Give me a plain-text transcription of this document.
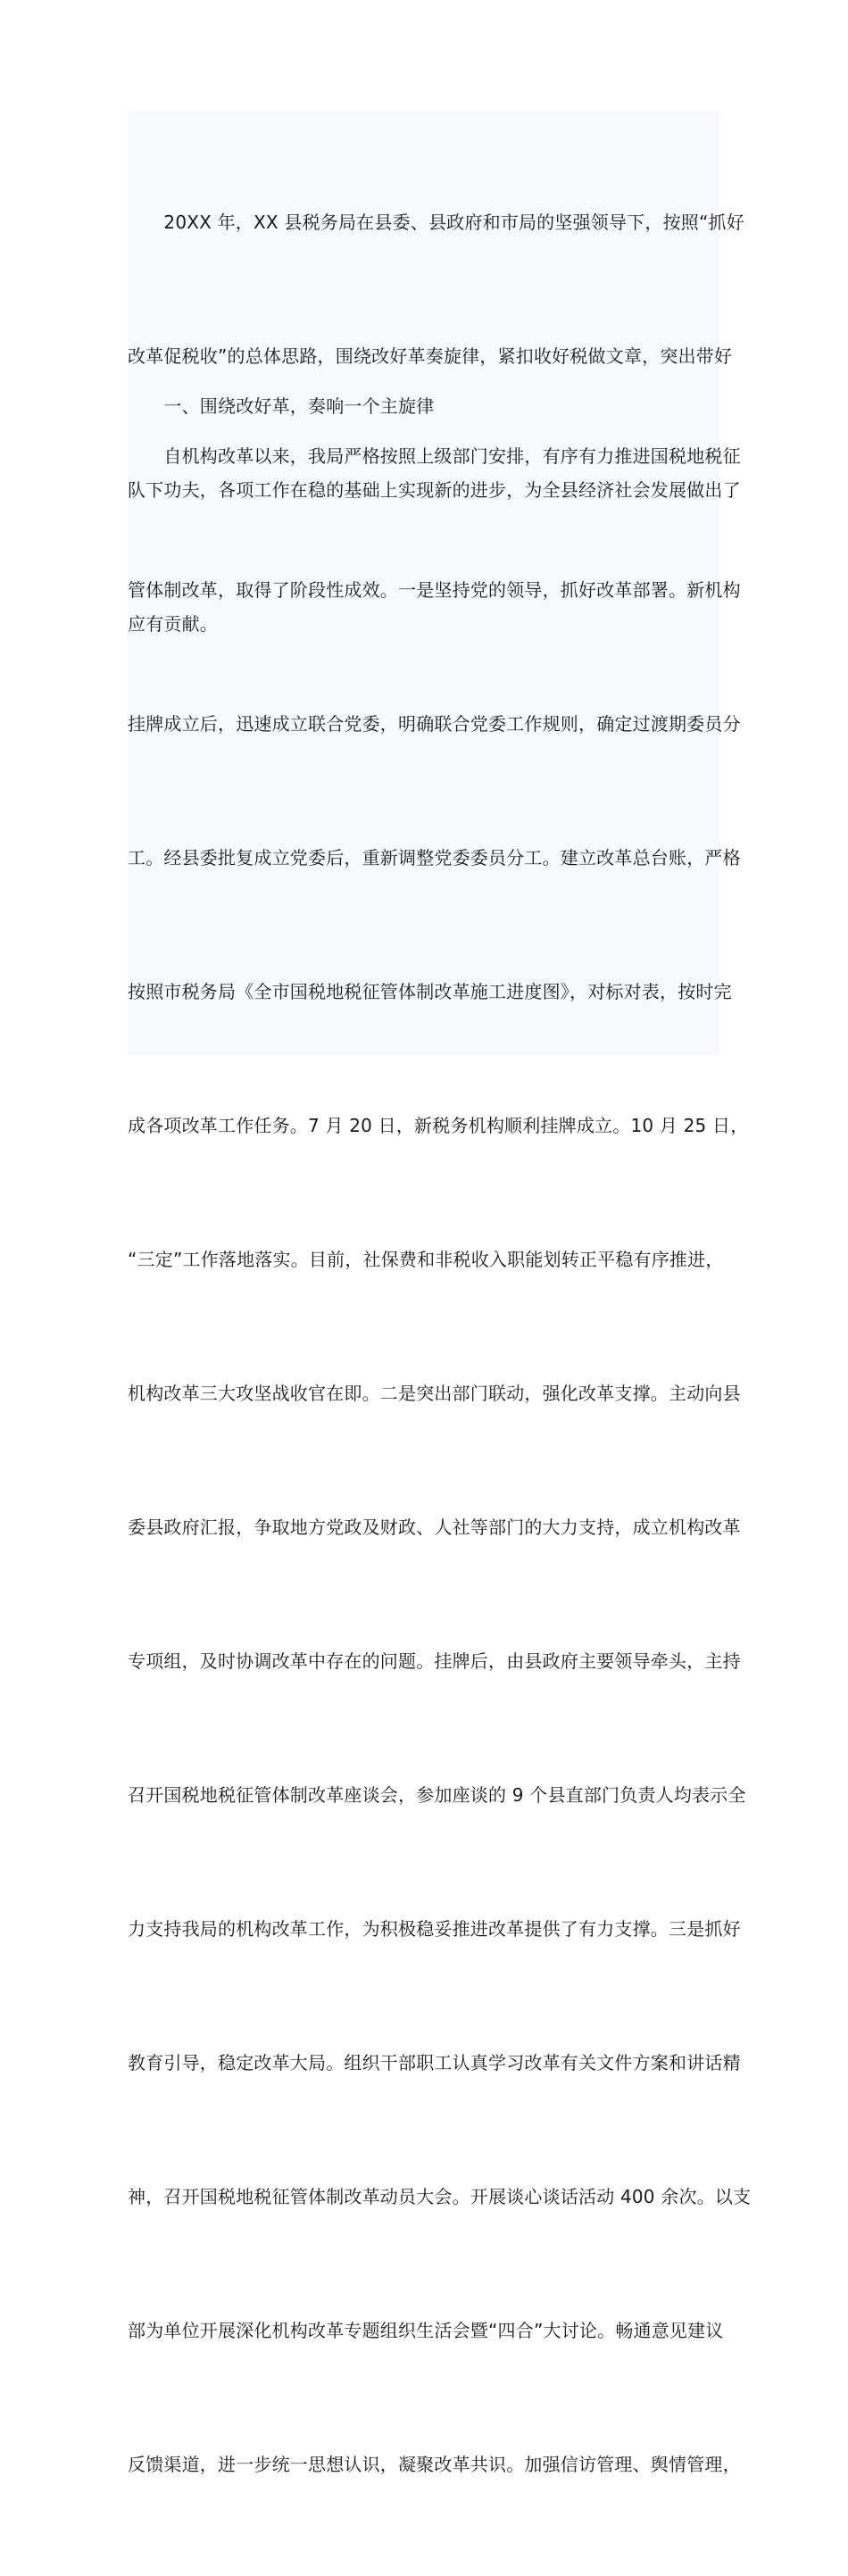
　　20XX 年，XX 县税务局在县委、县政府和市局的坚强领导下，按照“抓好

改革促税收”的总体思路，围绕改好革奏旋律，紧扣收好税做文章，突出带好

队下功夫，各项工作在稳的基础上实现新的进步，为全县经济社会发展做出了

应有贡献。

　　一、围绕改好革，奏响一个主旋律

　　自机构改革以来，我局严格按照上级部门安排，有序有力推进国税地税征

管体制改革，取得了阶段性成效。一是坚持党的领导，抓好改革部署。新机构

挂牌成立后，迅速成立联合党委，明确联合党委工作规则，确定过渡期委员分

工。经县委批复成立党委后，重新调整党委委员分工。建立改革总台账，严格

按照市税务局《全市国税地税征管体制改革施工进度图》，对标对表，按时完

成各项改革工作任务。7 月 20 日，新税务机构顺利挂牌成立。10 月 25 日，

“三定”工作落地落实。目前，社保费和非税收入职能划转正平稳有序推进，

机构改革三大攻坚战收官在即。二是突出部门联动，强化改革支撑。主动向县

委县政府汇报，争取地方党政及财政、人社等部门的大力支持，成立机构改革

专项组，及时协调改革中存在的问题。挂牌后，由县政府主要领导牵头，主持

召开国税地税征管体制改革座谈会，参加座谈的 9 个县直部门负责人均表示全

力支持我局的机构改革工作，为积极稳妥推进改革提供了有力支撑。三是抓好

教育引导，稳定改革大局。组织干部职工认真学习改革有关文件方案和讲话精

神，召开国税地税征管体制改革动员大会。开展谈心谈话活动 400 余次。以支

部为单位开展深化机构改革专题组织生活会暨“四合”大讨论。畅通意见建议

反馈渠道，进一步统一思想认识，凝聚改革共识。加强信访管理、舆情管理，
